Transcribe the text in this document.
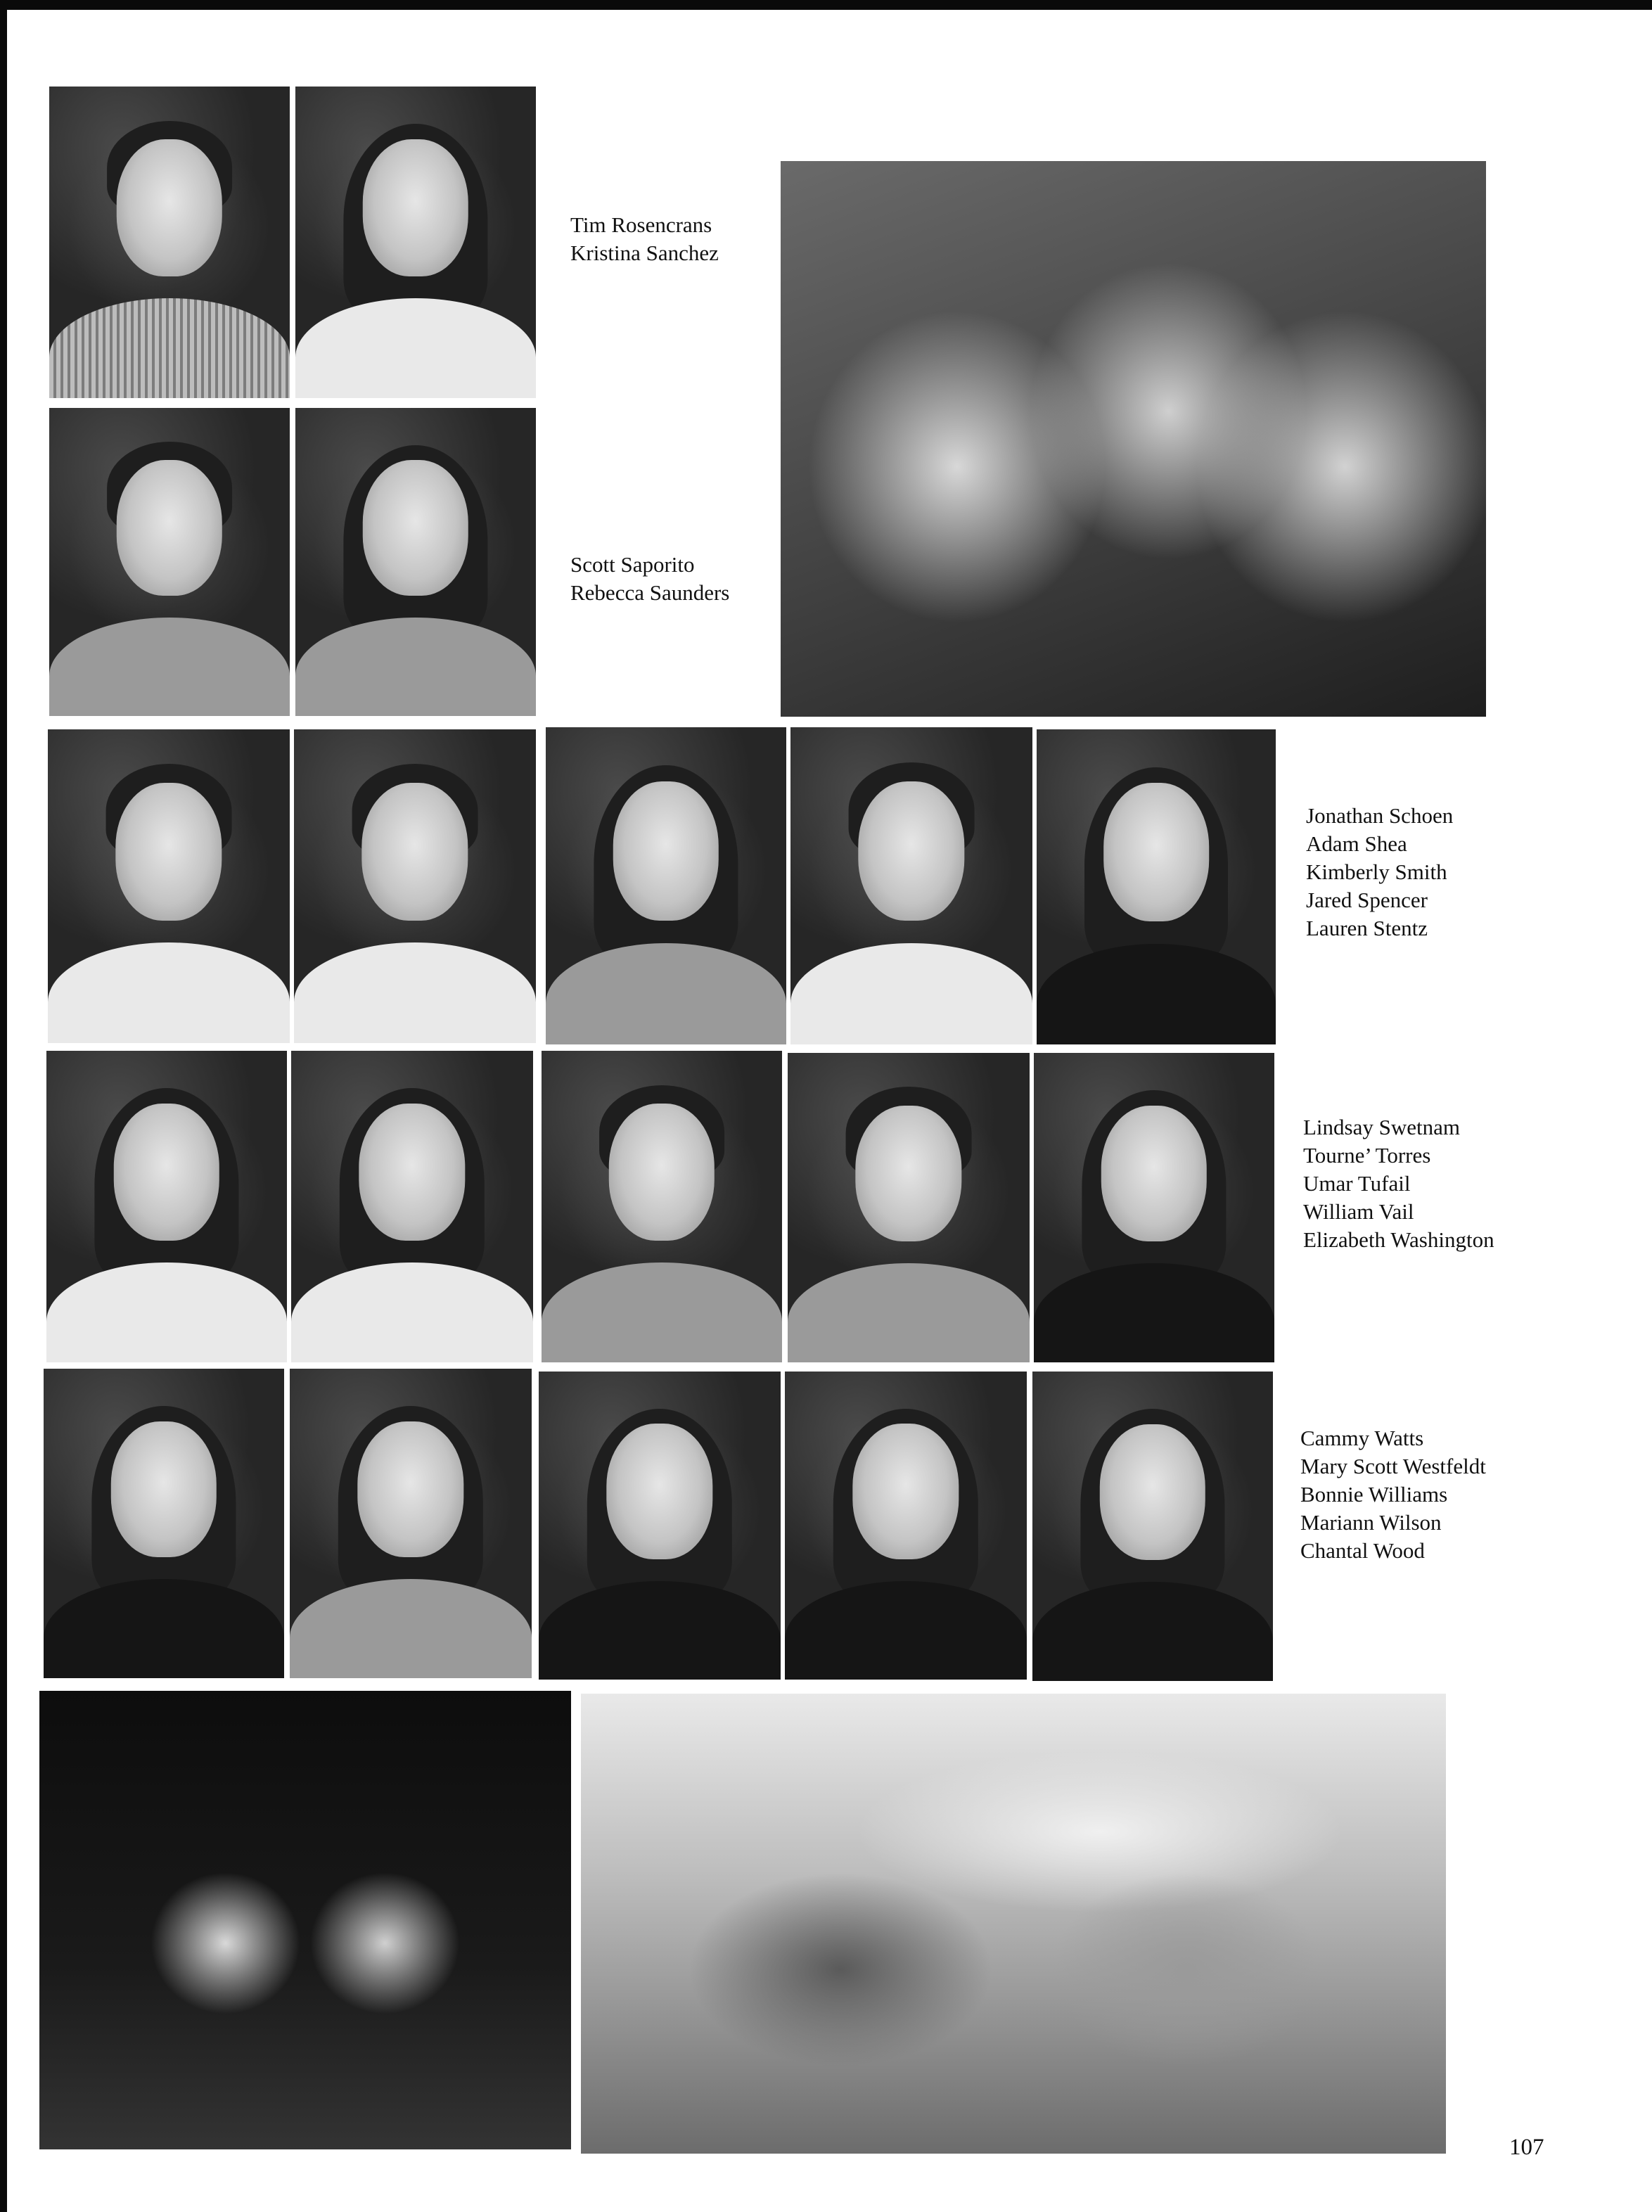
Tim Rosencrans
Kristina Sanchez
Scott Saporito
Rebecca Saunders
Jonathan Schoen
Adam Shea
Kimberly Smith
Jared Spencer
Lauren Stentz
Lindsay Swetnam
Tourne’ Torres
Umar Tufail
William Vail
Elizabeth Washington
Cammy Watts
Mary Scott Westfeldt
Bonnie Williams
Mariann Wilson
Chantal Wood
107
